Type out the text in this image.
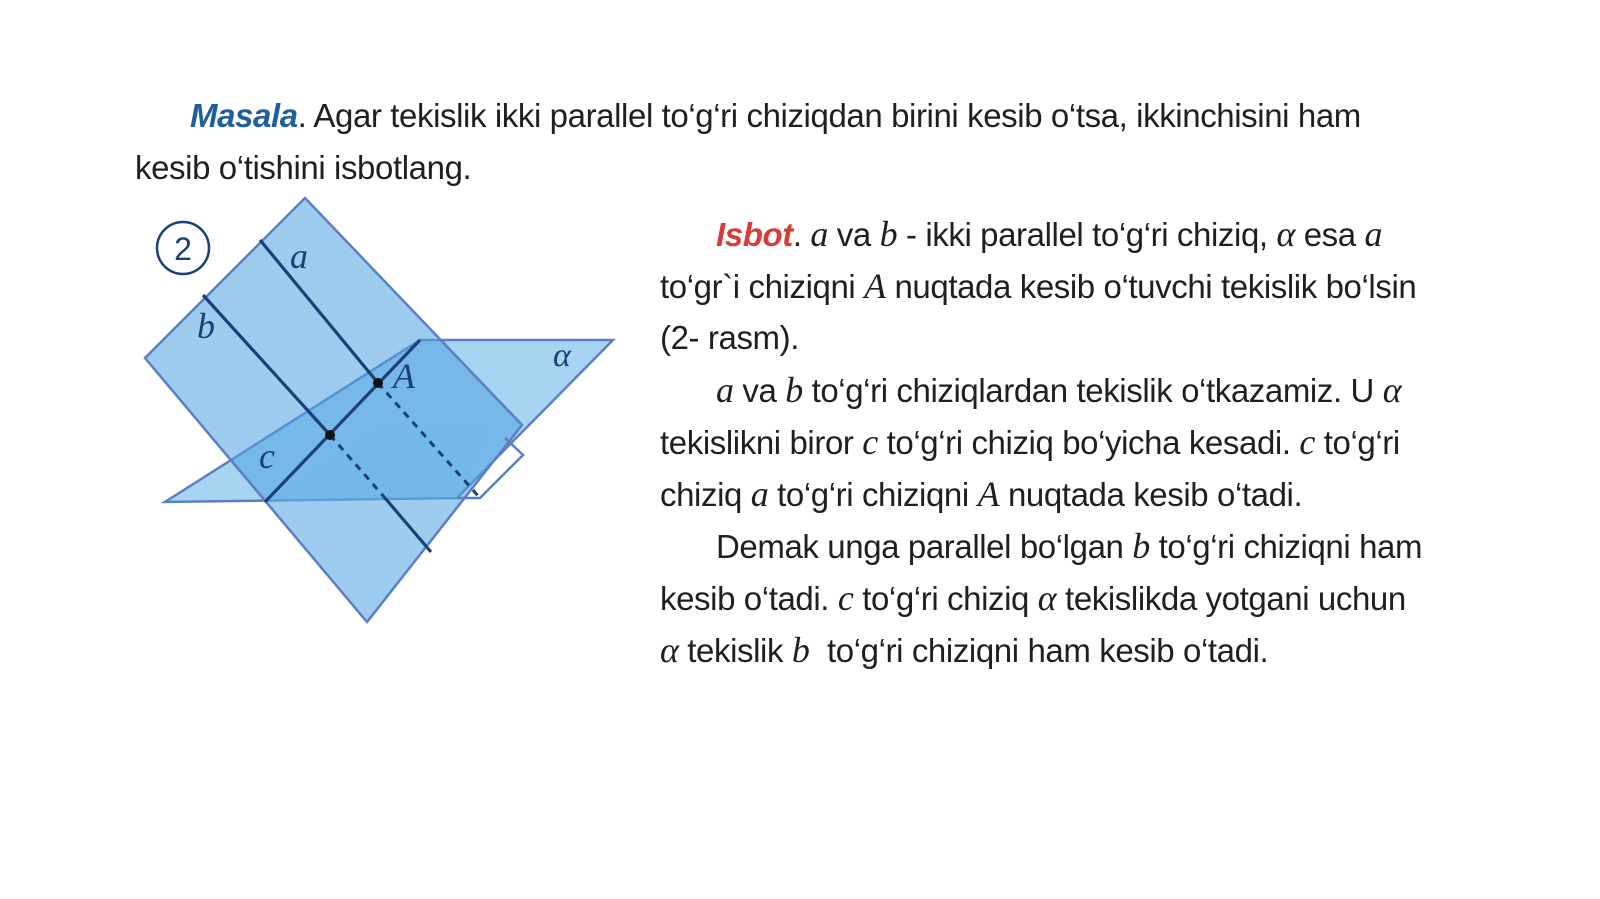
Masala. Agar tekislik ikki parallel to‘g‘ri chiziqdan birini kesib o‘tsa, ikkinchisini ham
kesib o‘tishini isbotlang.
2	a
b
c
A
α
Isbot. a va b - ikki parallel to‘g‘ri chiziq, α esa a
to‘gr`i chiziqni A nuqtada kesib o‘tuvchi tekislik bo‘lsin
(2- rasm).
a va b to‘g‘ri chiziqlardan tekislik o‘tkazamiz. U α
tekislikni biror c to‘g‘ri chiziq bo‘yicha kesadi. c to‘g‘ri
chiziq a to‘g‘ri chiziqni A nuqtada kesib o‘tadi.
Demak unga parallel bo‘lgan b to‘g‘ri chiziqni ham
kesib o‘tadi. c to‘g‘ri chiziq α tekislikda yotgani uchun
α tekislik b  to‘g‘ri chiziqni ham kesib o‘tadi.
